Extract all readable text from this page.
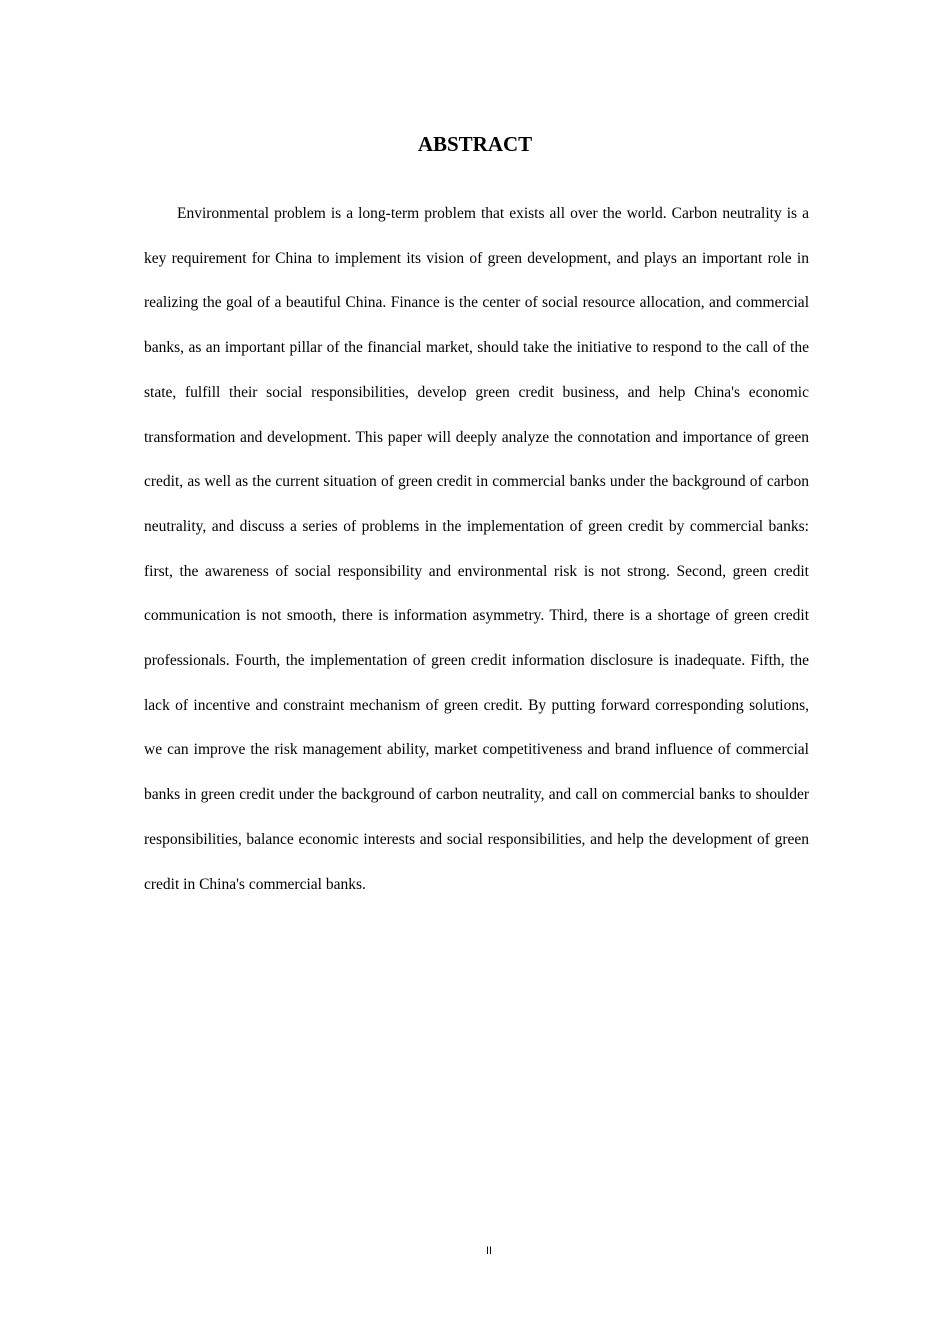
ABSTRACT

Environmental problem is a long-term problem that exists all over the world. Carbon neutrality is a key requirement for China to implement its vision of green development, and plays an important role in realizing the goal of a beautiful China. Finance is the center of social resource allocation, and commercial banks, as an important pillar of the financial market, should take the initiative to respond to the call of the state, fulfill their social responsibilities, develop green credit business, and help China's economic transformation and development. This paper will deeply analyze the connotation and importance of green credit, as well as the current situation of green credit in commercial banks under the background of carbon neutrality, and discuss a series of problems in the implementation of green credit by commercial banks: first, the awareness of social responsibility and environmental risk is not strong. Second, green credit communication is not smooth, there is information asymmetry. Third, there is a shortage of green credit professionals. Fourth, the implementation of green credit information disclosure is inadequate. Fifth, the lack of incentive and constraint mechanism of green credit. By putting forward corresponding solutions, we can improve the risk management ability, market competitiveness and brand influence of commercial banks in green credit under the background of carbon neutrality, and call on commercial banks to shoulder responsibilities, balance economic interests and social responsibilities, and help the development of green credit in China's commercial banks.

II
